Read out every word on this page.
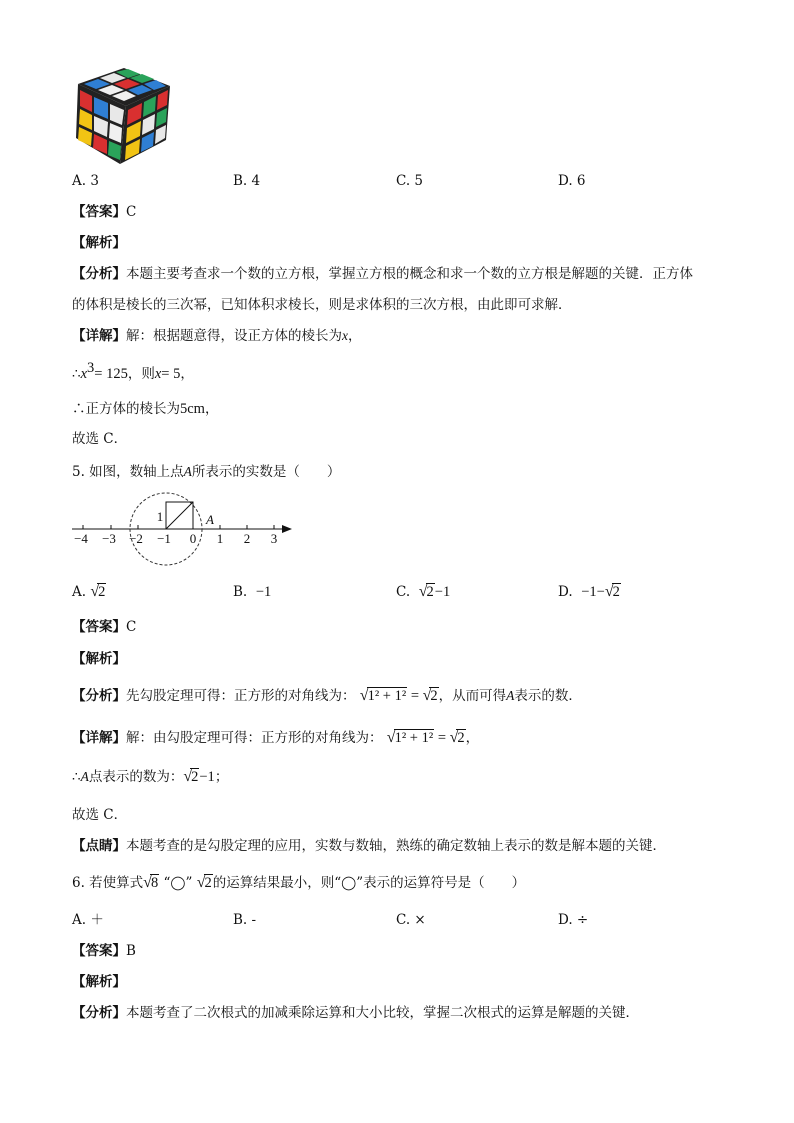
A. 3	B. 4	C. 5	D. 6
【答案】C
【解析】
【分析】本题主要考查求一个数的立方根，掌握立方根的概念和求一个数的立方根是解题的关键．正方体
的体积是棱长的三次幂，已知体积求棱长，则是求体积的三次方根，由此即可求解．
【详解】解：根据题意得，设正方体的棱长为x，
$\therefore x^3= 125$，则x= 5，
∴正方体的棱长为5cm，
故选 C．
5. 如图，数轴上点A所表示的实数是（　　）
−4 −3 −2 −1 0 1 2 3
1	A
A. √2	B. −1	C. √2−1	D. −1−√2
【答案】C
【解析】
【分析】先勾股定理可得：正方形的对角线为： √1² + 1² = √2，从而可得A表示的数．
【详解】解：由勾股定理可得：正方形的对角线为： √1² + 1² = √2，
∴A点表示的数为：√2−1；
故选 C．
【点睛】本题考查的是勾股定理的应用，实数与数轴，熟练的确定数轴上表示的数是解本题的关键．
6. 若使算式√8 “◯” √2的运算结果最小，则“◯”表示的运算符号是（　　）
A. ＋	B. -	C. ×	D. ÷
【答案】B
【解析】
【分析】本题考查了二次根式的加减乘除运算和大小比较，掌握二次根式的运算是解题的关键．
